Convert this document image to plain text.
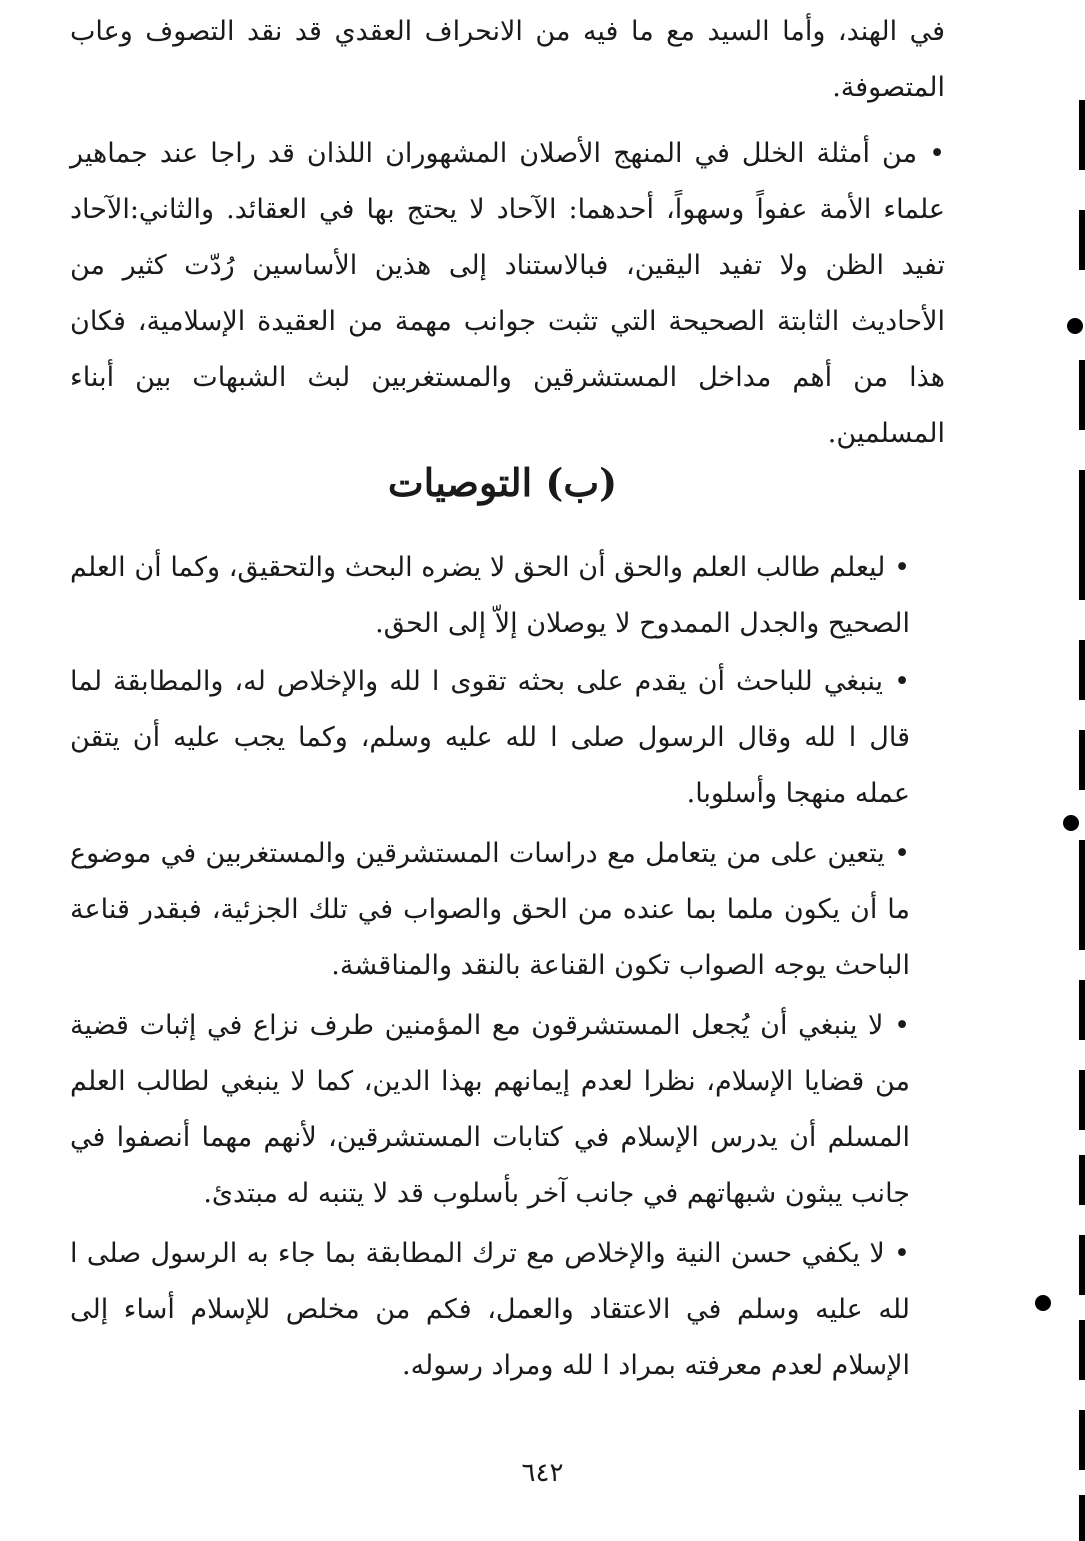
في الهند، وأما السيد مع ما فيه من الانحراف العقدي قد نقد التصوف وعاب المتصوفة.

• من أمثلة الخلل في المنهج الأصلان المشهوران اللذان قد راجا عند جماهير علماء الأمة عفواً وسهواً، أحدهما: الآحاد لا يحتج بها في العقائد. والثاني:الآحاد تفيد الظن ولا تفيد اليقين، فبالاستناد إلى هذين الأساسين رُدّت كثير من الأحاديث الثابتة الصحيحة التي تثبت جوانب مهمة من العقيدة الإسلامية، فكان هذا من أهم مداخل المستشرقين والمستغربين لبث الشبهات بين أبناء المسلمين.

(ب) التوصيات

• ليعلم طالب العلم والحق أن الحق لا يضره البحث والتحقيق، وكما أن العلم الصحيح والجدل الممدوح لا يوصلان إلاّ إلى الحق.

• ينبغي للباحث أن يقدم على بحثه تقوى ا لله والإخلاص له، والمطابقة لما قال ا لله وقال الرسول صلى ا لله عليه وسلم، وكما يجب عليه أن يتقن عمله منهجا وأسلوبا.

• يتعين على من يتعامل مع دراسات المستشرقين والمستغربين في موضوع ما أن يكون ملما بما عنده من الحق والصواب في تلك الجزئية، فبقدر قناعة الباحث يوجه الصواب تكون القناعة بالنقد والمناقشة.

• لا ينبغي أن يُجعل المستشرقون مع المؤمنين طرف نزاع في إثبات قضية من قضايا الإسلام، نظرا لعدم إيمانهم بهذا الدين، كما لا ينبغي لطالب العلم المسلم أن يدرس الإسلام في كتابات المستشرقين، لأنهم مهما أنصفوا في جانب يبثون شبهاتهم في جانب آخر بأسلوب قد لا يتنبه له مبتدئ.

• لا يكفي حسن النية والإخلاص مع ترك المطابقة بما جاء به الرسول صلى ا لله عليه وسلم في الاعتقاد والعمل، فكم من مخلص للإسلام أساء إلى الإسلام لعدم معرفته بمراد ا لله ومراد رسوله.

٦٤٢
